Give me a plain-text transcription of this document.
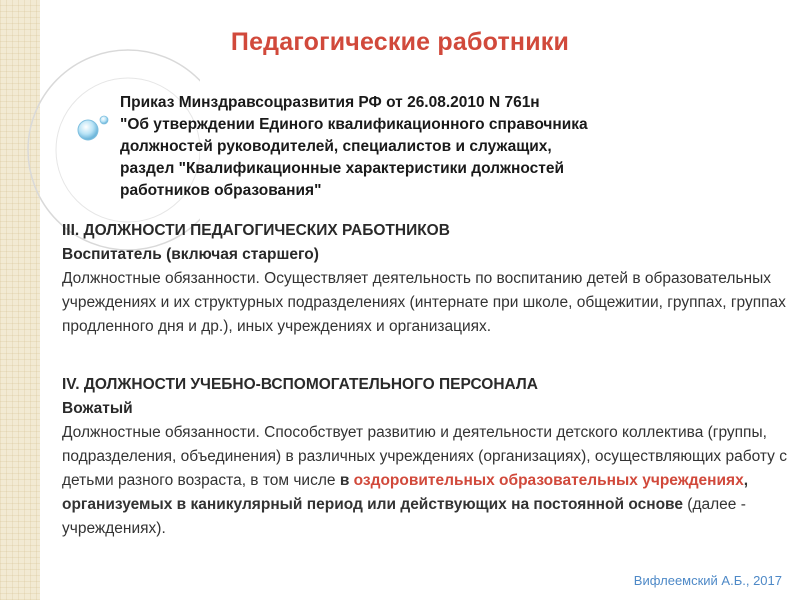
Педагогические работники
Приказ Минздравсоцразвития РФ от 26.08.2010 N 761н
"Об утверждении Единого квалификационного справочника
должностей руководителей, специалистов и служащих,
раздел "Квалификационные характеристики должностей
работников образования"
III. ДОЛЖНОСТИ ПЕДАГОГИЧЕСКИХ РАБОТНИКОВ
Воспитатель (включая старшего)
Должностные обязанности. Осуществляет деятельность по воспитанию детей в образовательных учреждениях и их структурных подразделениях (интернате при школе, общежитии, группах, группах продленного дня и др.), иных учреждениях и организациях.
IV. ДОЛЖНОСТИ УЧЕБНО-ВСПОМОГАТЕЛЬНОГО ПЕРСОНАЛА
Вожатый
Должностные обязанности. Способствует развитию и деятельности детского коллектива (группы, подразделения, объединения) в различных учреждениях (организациях), осуществляющих работу с детьми разного возраста, в том числе в оздоровительных образовательных учреждениях, организуемых в каникулярный период или действующих на постоянной основе (далее - учреждениях).
Вифлеемский А.Б., 2017
